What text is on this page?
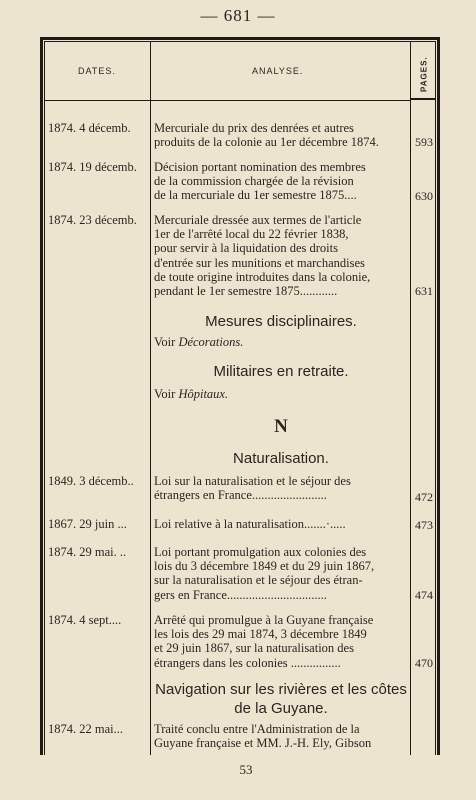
— 681 —
DATES.	ANALYSE.	PAGES.
1874. 4 décemb.	Mercuriale du prix des denrées et autres
produits de la colonie au 1er décembre 1874.	593
1874. 19 décemb.	Décision portant nomination des membres
de la commission chargée de la révision
de la mercuriale du 1er semestre 1875....	630
1874. 23 décemb.	Mercuriale dressée aux termes de l'article
1er de l'arrêté local du 22 février 1838,
pour servir à la liquidation des droits
d'entrée sur les munitions et marchandises
de toute origine introduites dans la colonie,
pendant le 1er semestre 1875............	631
Mesures disciplinaires.
Voir Décorations.
Militaires en retraite.
Voir Hôpitaux.
N
Naturalisation.
1849. 3 décemb..	Loi sur la naturalisation et le séjour des
étrangers en France........................	472
1867. 29 juin ...	Loi relative à la naturalisation.......·.....	473
1874. 29 mai. ..	Loi portant promulgation aux colonies des
lois du 3 décembre 1849 et du 29 juin 1867,
sur la naturalisation et le séjour des étran-
gers en France................................	474
1874. 4 sept....	Arrêté qui promulgue à la Guyane française
les lois des 29 mai 1874, 3 décembre 1849
et 29 juin 1867, sur la naturalisation des
étrangers dans les colonies ................	470
Navigation sur les rivières et les côtes
de la Guyane.
1874. 22 mai...	Traité conclu entre l'Administration de la
Guyane française et MM. J.-H. Ely, Gibson
53
